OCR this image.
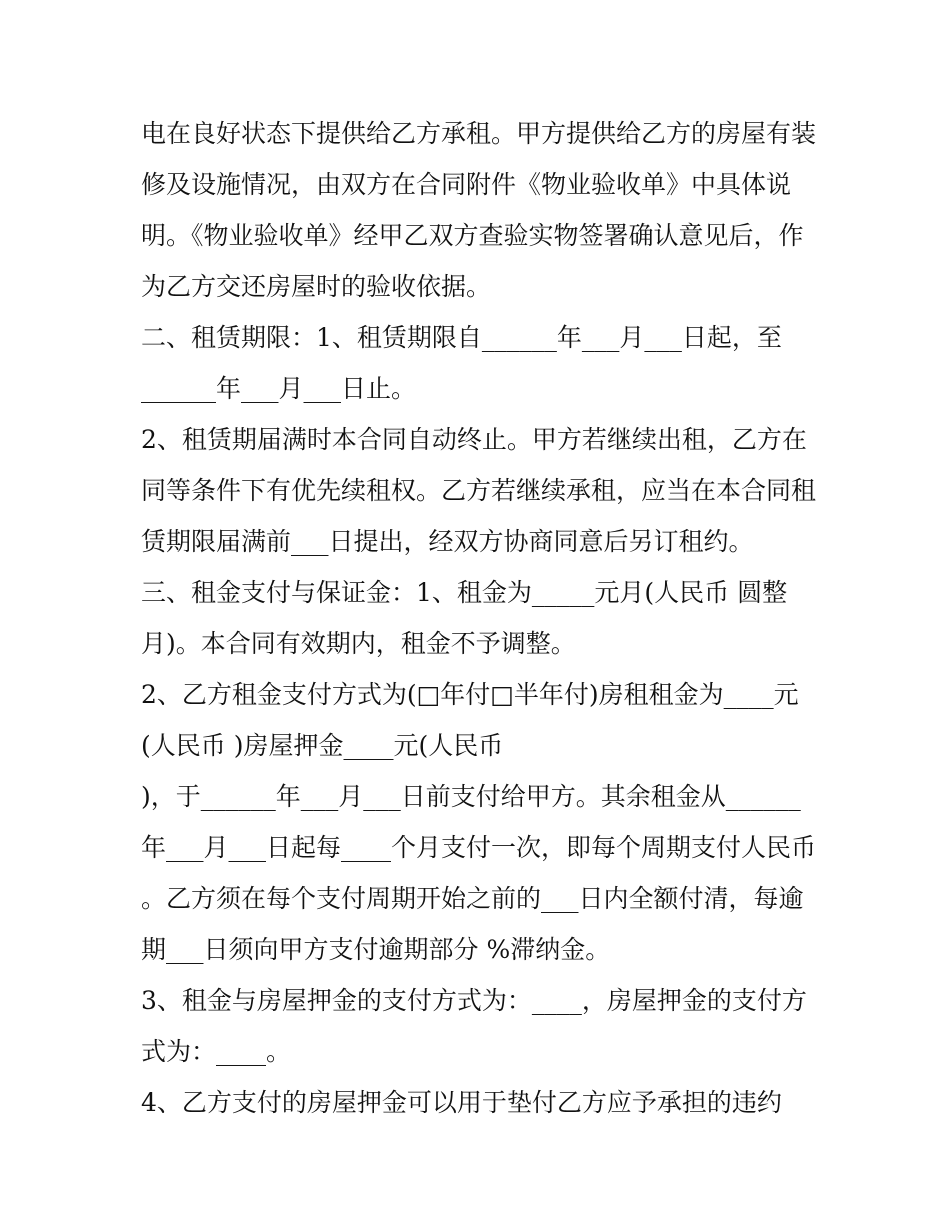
电在良好状态下提供给乙方承租。甲方提供给乙方的房屋有装
修及设施情况，由双方在合同附件《物业验收单》中具体说
明。《物业验收单》经甲乙双方查验实物签署确认意见后，作
为乙方交还房屋时的验收依据。
二、租赁期限：1、租赁期限自______年___月___日起，至
______年___月___日止。
2、租赁期届满时本合同自动终止。甲方若继续出租，乙方在
同等条件下有优先续租权。乙方若继续承租，应当在本合同租
赁期限届满前___日提出，经双方协商同意后另订租约。
三、租金支付与保证金：1、租金为_____元月(人民币 圆整
月)。本合同有效期内，租金不予调整。
2、乙方租金支付方式为(□年付□半年付)房租租金为____元
(人民币 )房屋押金____元(人民币
)，于______年___月___日前支付给甲方。其余租金从______
年___月___日起每____个月支付一次，即每个周期支付人民币
。乙方须在每个支付周期开始之前的___日内全额付清，每逾
期___日须向甲方支付逾期部分 %滞纳金。
3、租金与房屋押金的支付方式为：____，房屋押金的支付方
式为：____。
4、乙方支付的房屋押金可以用于垫付乙方应予承担的违约
